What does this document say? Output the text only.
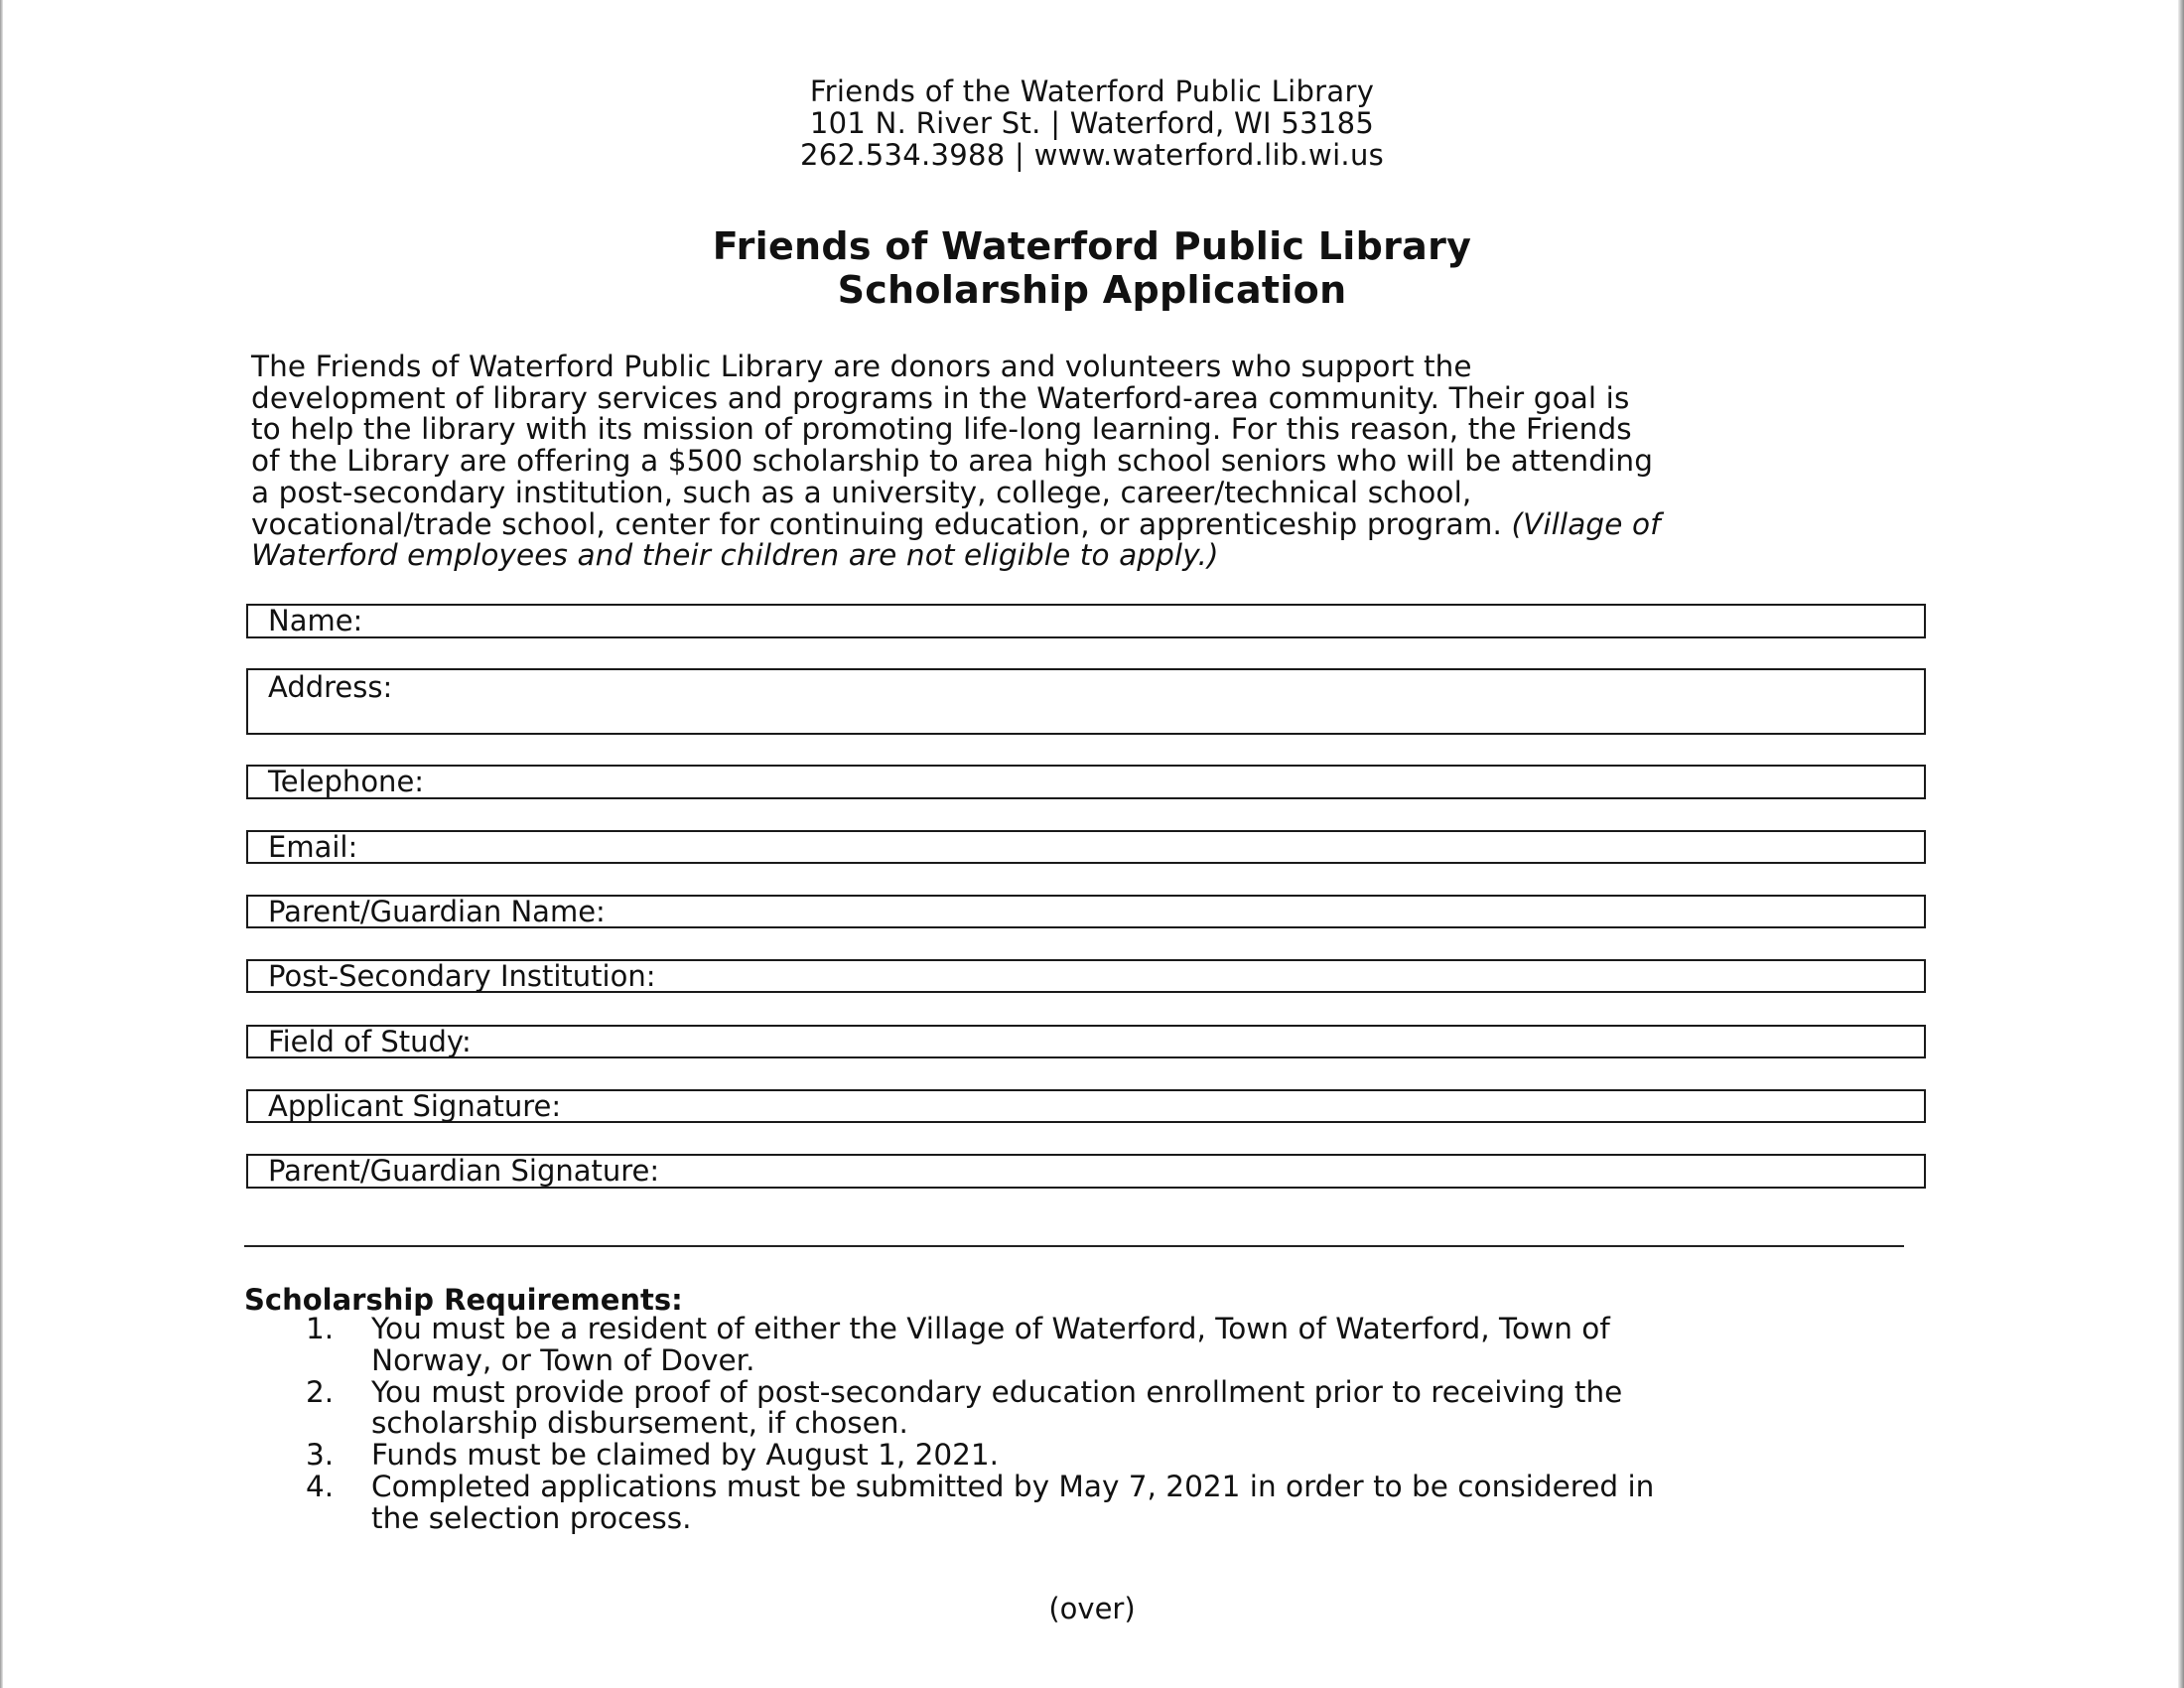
Friends of the Waterford Public Library
101 N. River St. | Waterford, WI 53185
262.534.3988 | www.waterford.lib.wi.us
Friends of Waterford Public Library
Scholarship Application
The Friends of Waterford Public Library are donors and volunteers who support the
development of library services and programs in the Waterford-area community. Their goal is
to help the library with its mission of promoting life-long learning. For this reason, the Friends
of the Library are offering a $500 scholarship to area high school seniors who will be attending
a post-secondary institution, such as a university, college, career/technical school,
vocational/trade school, center for continuing education, or apprenticeship program. (Village of
Waterford employees and their children are not eligible to apply.)
Name:
Address:
Telephone:
Email:
Parent/Guardian Name:
Post-Secondary Institution:
Field of Study:
Applicant Signature:
Parent/Guardian Signature:
Scholarship Requirements:
1. You must be a resident of either the Village of Waterford, Town of Waterford, Town of
Norway, or Town of Dover.
2. You must provide proof of post-secondary education enrollment prior to receiving the
scholarship disbursement, if chosen.
3. Funds must be claimed by August 1, 2021.
4. Completed applications must be submitted by May 7, 2021 in order to be considered in
the selection process.
(over)
